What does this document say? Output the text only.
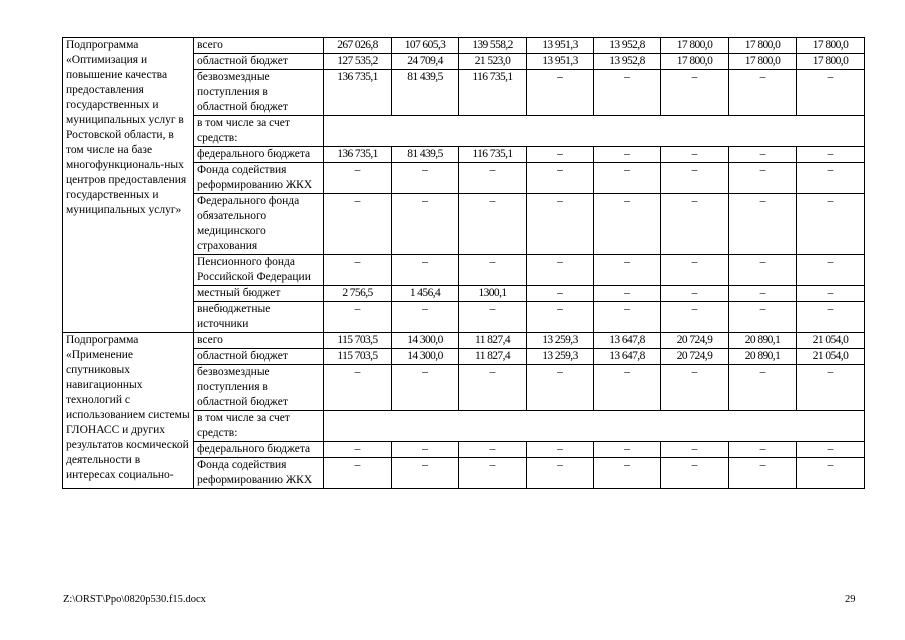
Подпрограмма «Оптимизация и повышение качества предоставления государственных и муниципальных услуг в Ростовской области, в том числе на базе многофункциональ-ных центров предоставления государственных и муниципальных услуг»	всего	267 026,8	107 605,3	139 558,2	13 951,3	13 952,8	17 800,0	17 800,0	17 800,0
	областной бюджет	127 535,2	24 709,4	21 523,0	13 951,3	13 952,8	17 800,0	17 800,0	17 800,0
	безвозмездные поступления в областной бюджет	136 735,1	81 439,5	116 735,1	–	–	–	–	–
	в том числе за счет средств:								
	федерального бюджета	136 735,1	81 439,5	116 735,1	–	–	–	–	–
	Фонда содействия реформированию ЖКХ	–	–	–	–	–	–	–	–
	Федерального фонда обязательного медицинского страхования	–	–	–	–	–	–	–	–
	Пенсионного фонда Российской Федерации	–	–	–	–	–	–	–	–
	местный бюджет	2 756,5	1 456,4	1300,1	–	–	–	–	–
	внебюджетные источники	–	–	–	–	–	–	–	–
Подпрограмма «Применение спутниковых навигационных технологий с использованием системы ГЛОНАСС и других результатов космической деятельности в интересах социально-	всего	115 703,5	14 300,0	11 827,4	13 259,3	13 647,8	20 724,9	20 890,1	21 054,0
	областной бюджет	115 703,5	14 300,0	11 827,4	13 259,3	13 647,8	20 724,9	20 890,1	21 054,0
	безвозмездные поступления в областной бюджет	–	–	–	–	–	–	–	–
	в том числе за счет средств:								
	федерального бюджета	–	–	–	–	–	–	–	–
	Фонда содействия реформированию ЖКХ	–	–	–	–	–	–	–	–
Z:\ORST\Ppo\0820p530.f15.docx	29
